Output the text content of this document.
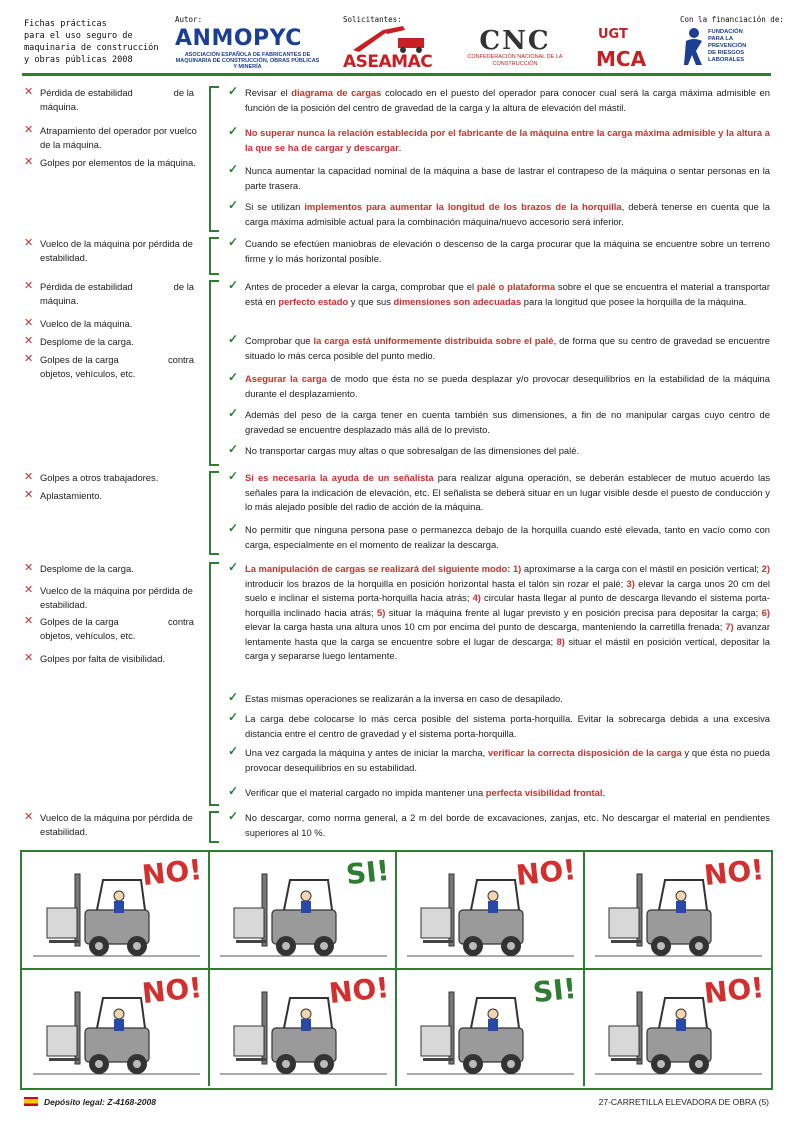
Fichas prácticas
para el uso seguro de
maquinaria de construcción
y obras públicas 2008
Autor:	Solicitantes:	Con la financiación de:
ANMOPYC
ASOCIACIÓN ESPAÑOLA DE FABRICANTES DE MAQUINARIA DE CONSTRUCCIÓN, OBRAS PÚBLICAS Y MINERÍA	ASEAMAC
CNC
CONFEDERACIÓN NACIONAL DE LA CONSTRUCCIÓN
UGT
MCA
FUNDACIÓN
PARA LA
PREVENCIÓN
DE RIESGOS
LABORALES
✕ Pérdida de estabilidad máquina.
de la
✕ Atrapamiento del operador por vuelco de la máquina.
✕ Golpes por elementos de la máquina.
✓ Revisar el diagrama de cargas colocado en el puesto del operador para conocer cual será la carga máxima admisible en función de la posición del centro de gravedad de la carga y la altura de elevación del mástil.
✓ No superar nunca la relación establecida por el fabricante de la máquina entre la carga máxima admisible y la altura a la que se ha de cargar y descargar.
✓ Nunca aumentar la capacidad nominal de la máquina a base de lastrar el contrapeso de la máquina o sentar personas en la parte trasera.
✓ Si se utilizan implementos para aumentar la longitud de los brazos de la horquilla, deberá tenerse en cuenta que la carga máxima admisible actual para la combinación máquina/nuevo accesorio será inferior.
✕ Vuelco de la máquina por pérdida de estabilidad.
✓ Cuando se efectúen maniobras de elevación o descenso de la carga procurar que la máquina se encuentre sobre un terreno firme y lo más horizontal posible.
✕ Pérdida de estabilidad máquina.
de la
✕ Vuelco de la máquina.
✕ Desplome de la carga.
✕ Golpes de la carga objetos, vehículos, etc.
contra
✓ Antes de proceder a elevar la carga, comprobar que el palé o plataforma sobre el que se encuentra el material a transportar está en perfecto estado y que sus dimensiones son adecuadas para la longitud que posee la horquilla de la máquina.
✓ Comprobar que la carga está uniformemente distribuida sobre el palé, de forma que su centro de gravedad se encuentre situado lo más cerca posible del punto medio.
✓ Asegurar la carga de modo que ésta no se pueda desplazar y/o provocar desequilibrios en la estabilidad de la máquina durante el desplazamiento.
✓ Además del peso de la carga tener en cuenta también sus dimensiones, a fin de no manipular cargas cuyo centro de gravedad se encuentre desplazado más allá de lo previsto.
✓ No transportar cargas muy altas o que sobresalgan de las dimensiones del palé.
✕ Golpes a otros trabajadores.
✕ Aplastamiento.
✓ Si es necesaria la ayuda de un señalista para realizar alguna operación, se deberán establecer de mutuo acuerdo las señales para la indicación de elevación, etc. El señalista se deberá situar en un lugar visible desde el puesto de conducción y lo más alejado posible del radio de acción de la máquina.
✓ No permitir que ninguna persona pase o permanezca debajo de la horquilla cuando esté elevada, tanto en vacío como con carga, especialmente en el momento de realizar la descarga.
✕ Desplome de la carga.
✕ Vuelco de la máquina por pérdida de estabilidad.
✕ Golpes de la carga objetos, vehículos, etc.
contra
✕ Golpes por falta de visibilidad.
✓ La manipulación de cargas se realizará del siguiente modo: 1) aproximarse a la carga con el mástil en posición vertical; 2) introducir los brazos de la horquilla en posición horizontal hasta el talón sin rozar el palé; 3) elevar la carga unos 20 cm del suelo e inclinar el sistema porta-horquilla hacia atrás; 4) circular hasta llegar al punto de descarga llevando el sistema porta-horquilla inclinado hacia atrás; 5) situar la máquina frente al lugar previsto y en posición precisa para depositar la carga; 6) elevar la carga hasta una altura unos 10 cm por encima del punto de descarga, manteniendo la carretilla frenada; 7) avanzar lentamente hasta que la carga se encuentre sobre el lugar de descarga; 8) situar el mástil en posición vertical, depositar la carga y separarse luego lentamente.
✓ Estas mismas operaciones se realizarán a la inversa en caso de desapilado.
✓ La carga debe colocarse lo más cerca posible del sistema porta-horquilla. Evitar la sobrecarga debida a una excesiva distancia entre el centro de gravedad y el sistema porta-horquilla.
✓ Una vez cargada la máquina y antes de iniciar la marcha, verificar la correcta disposición de la carga y que ésta no pueda provocar desequilibrios en su estabilidad.
✓ Verificar que el material cargado no impida mantener una perfecta visibilidad frontal.
✕ Vuelco de la máquina por pérdida de estabilidad.
✓ No descargar, como norma general, a 2 m del borde de excavaciones, zanjas, etc. No descargar el material en pendientes superiores al 10 %.
NO!	SI!	NO!	NO!
NO!	NO!	SI!	NO!
Depósito legal: Z-4168-2008	27-CARRETILLA ELEVADORA DE OBRA (5)
